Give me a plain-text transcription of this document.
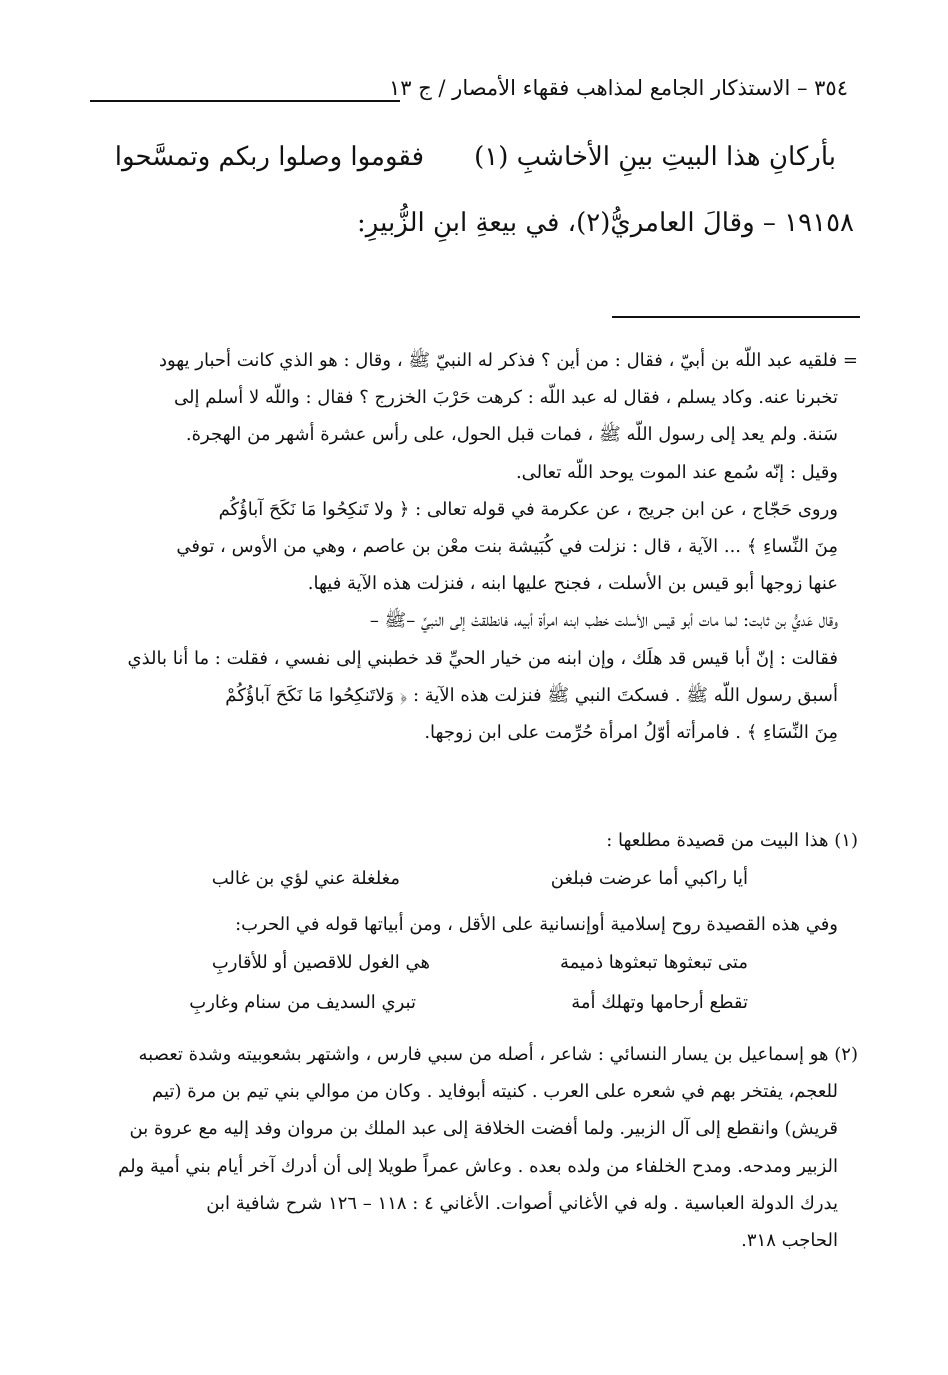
٣٥٤ – الاستذكار الجامع لمذاهب فقهاء الأمصار / ج ١٣
بأركانِ هذا البيتِ بينِ الأخاشبِ (١)
فقوموا وصلوا ربكم وتمسَّحوا
١٩١٥٨ – وقالَ العامريُّ(٢)، في بيعةِ ابنِ الزُّبيرِ:
= فلقيه عبد اللّه بن أبيّ ، فقال : من أين ؟ فذكر له النبيّ ﷺ ، وقال : هو الذي كانت أحبار يهود
تخبرنا عنه. وكاد يسلم ، فقال له عبد اللّه : كرهت حَرْبَ الخزرج ؟ فقال : واللّه لا أسلم إلى
سَنة. ولم يعد إلى رسول اللّه ﷺ ، فمات قبل الحول، على رأس عشرة أشهر من الهجرة.
وقيل : إنّه سُمع عند الموت يوحد اللّه تعالى.
وروى حَجّاج ، عن ابن جريج ، عن عكرمة في قوله تعالى : ﴿ ولا تَنكِحُوا مَا نَكَحَ آباؤُكُم
مِنَ النِّساءِ ﴾ ... الآية ، قال : نزلت في كُبَيشة بنت معْن بن عاصم ، وهي من الأوس ، توفي
عنها زوجها أبو قيس بن الأسلت ، فجنح عليها ابنه ، فنزلت هذه الآية فيها.
وقال عَديُّ بن ثابت: لما مات أبو قيس الأسلت خطب ابنه امرأة أبيه، فانطلقتْ إلى النبيِّ –ﷺ –
فقالت : إنّ أبا قيس قد هلَك ، وإن ابنه من خيار الحيِّ قد خطبني إلى نفسي ، فقلت : ما أنا بالذي
أسبق رسول اللّه ﷺ . فسكتَ النبي ﷺ فنزلت هذه الآية : ﴿ وَلاتَنكِحُوا مَا نَكَحَ آباؤُكُمْ
مِنَ النِّسَاءِ ﴾ . فامرأته أوّلُ امرأة حُرِّمت على ابن زوجها.
(١) هذا البيت من قصيدة مطلعها :
أيا راكبي أما عرضت فبلغن
مغلغلة عني لؤي بن غالب
وفي هذه القصيدة روح إسلامية أوإنسانية على الأقل ، ومن أبياتها قوله في الحرب:
متى تبعثوها تبعثوها ذميمة
هي الغول للاقصين أو للأقاربِ
تقطع أرحامها وتهلك أمة
تبري السديف من سنام وغاربِ
(٢) هو إسماعيل بن يسار النسائي : شاعر ، أصله من سبي فارس ، واشتهر بشعوبيته وشدة تعصبه
للعجم، يفتخر بهم في شعره على العرب . كنيته أبوفايد . وكان من موالي بني تيم بن مرة (تيم
قريش) وانقطع إلى آل الزبير. ولما أفضت الخلافة إلى عبد الملك بن مروان وفد إليه مع عروة بن
الزبير ومدحه. ومدح الخلفاء من ولده بعده . وعاش عمراً طويلا إلى أن أدرك آخر أيام بني أمية ولم
يدرك الدولة العباسية . وله في الأغاني أصوات. الأغاني ٤ : ١١٨ – ١٢٦ شرح شافية ابن
الحاجب ٣١٨.
